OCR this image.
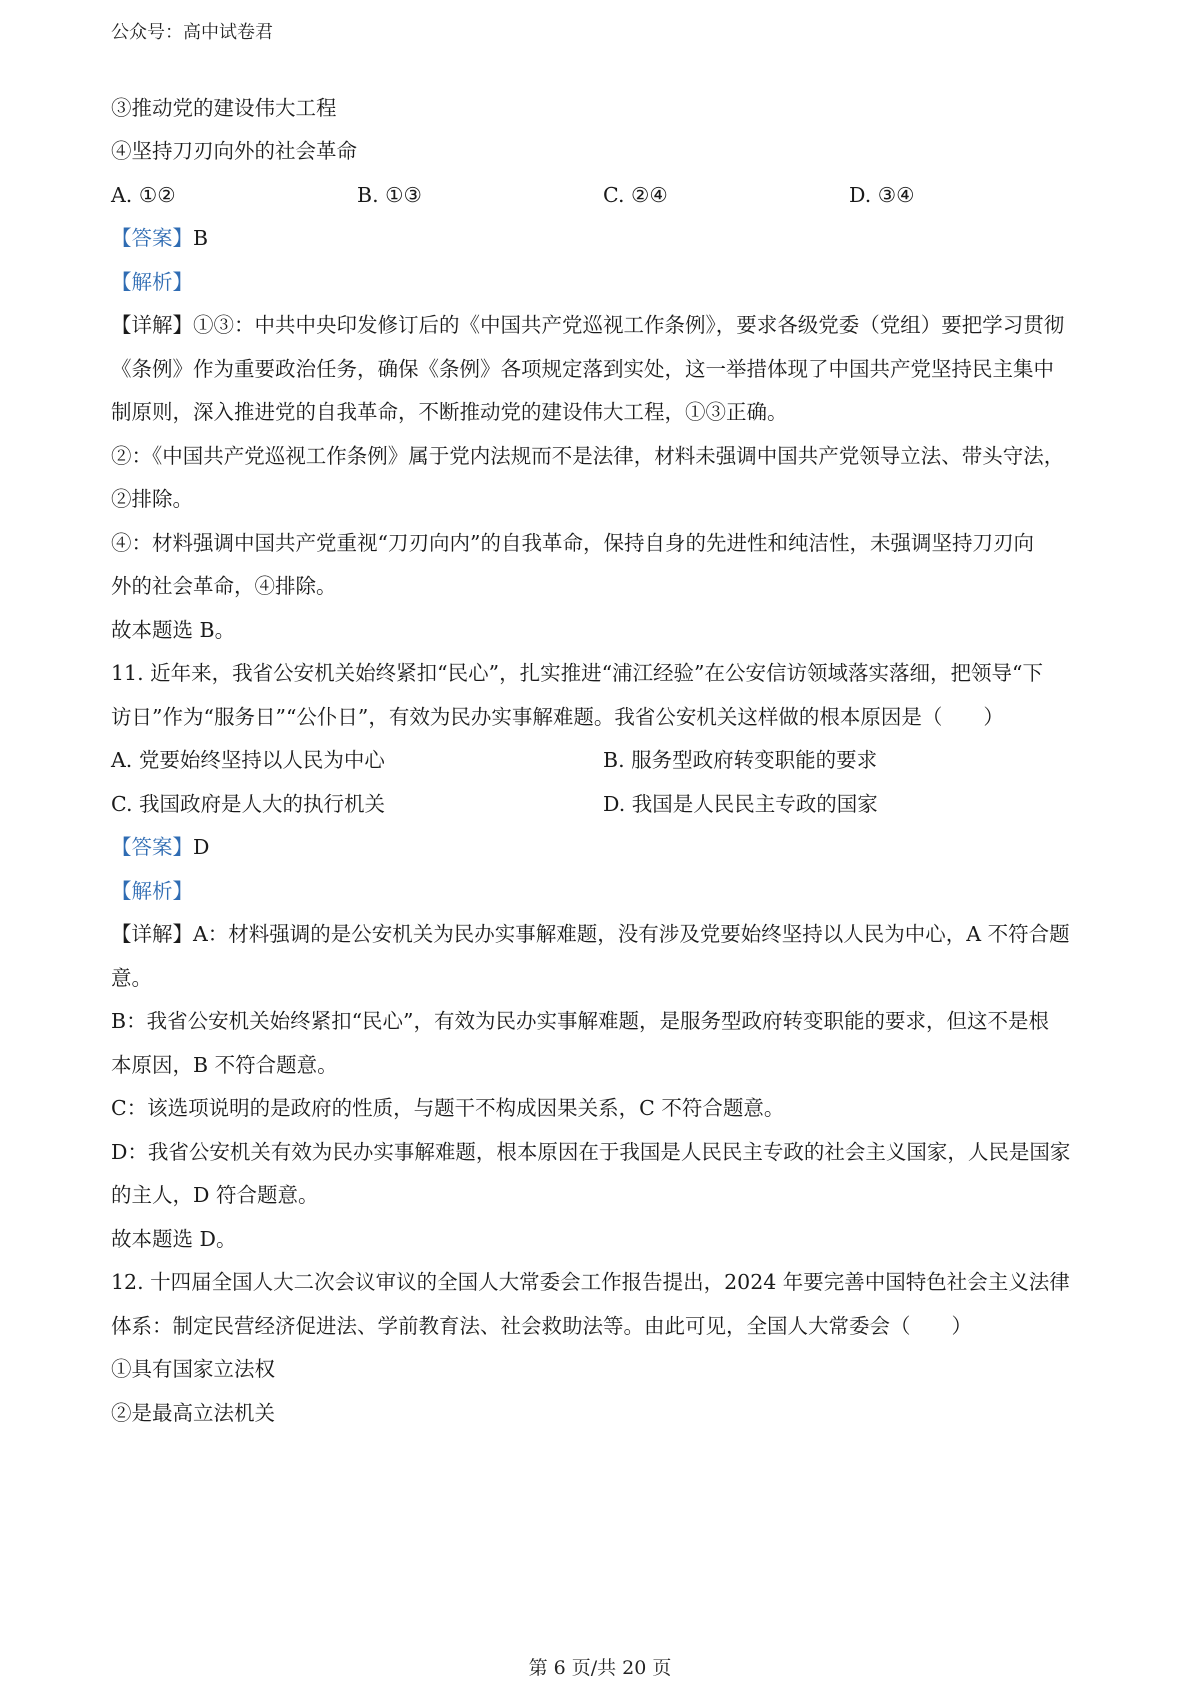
公众号：高中试卷君
③推动党的建设伟大工程
④坚持刀刃向外的社会革命
A. ①②	B. ①③	C. ②④	D. ③④
【答案】B
【解析】
【详解】①③：中共中央印发修订后的《中国共产党巡视工作条例》，要求各级党委（党组）要把学习贯彻
《条例》作为重要政治任务，确保《条例》各项规定落到实处，这一举措体现了中国共产党坚持民主集中
制原则，深入推进党的自我革命，不断推动党的建设伟大工程，①③正确。
②：《中国共产党巡视工作条例》属于党内法规而不是法律，材料未强调中国共产党领导立法、带头守法，
②排除。
④：材料强调中国共产党重视“刀刃向内”的自我革命，保持自身的先进性和纯洁性，未强调坚持刀刃向
外的社会革命，④排除。
故本题选 B。
11. 近年来，我省公安机关始终紧扣“民心”，扎实推进“浦江经验”在公安信访领域落实落细，把领导“下
访日”作为“服务日”“公仆日”，有效为民办实事解难题。我省公安机关这样做的根本原因是（　　）
A. 党要始终坚持以人民为中心	B. 服务型政府转变职能的要求
C. 我国政府是人大的执行机关	D. 我国是人民民主专政的国家
【答案】D
【解析】
【详解】A：材料强调的是公安机关为民办实事解难题，没有涉及党要始终坚持以人民为中心，A 不符合题
意。
B：我省公安机关始终紧扣“民心”，有效为民办实事解难题，是服务型政府转变职能的要求，但这不是根
本原因，B 不符合题意。
C：该选项说明的是政府的性质，与题干不构成因果关系，C 不符合题意。
D：我省公安机关有效为民办实事解难题，根本原因在于我国是人民民主专政的社会主义国家，人民是国家
的主人，D 符合题意。
故本题选 D。
12. 十四届全国人大二次会议审议的全国人大常委会工作报告提出，2024 年要完善中国特色社会主义法律
体系：制定民营经济促进法、学前教育法、社会救助法等。由此可见，全国人大常委会（　　）
①具有国家立法权
②是最高立法机关
第 6 页/共 20 页
